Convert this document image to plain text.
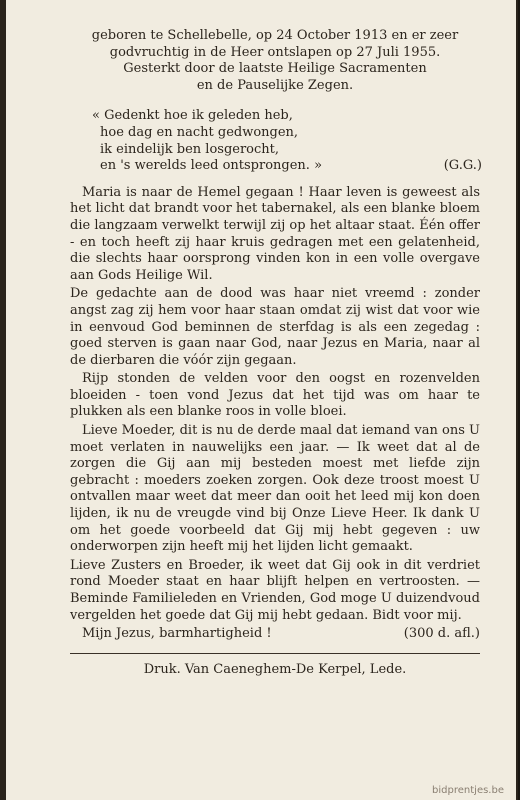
geboren te Schellebelle, op 24 October 1913 en er zeer

godvruchtig in de Heer ontslapen op 27 Juli 1955.

Gesterkt door de laatste Heilige Sacramenten

en de Pauselijke Zegen.

« Gedenkt hoe ik geleden heb,
hoe dag en nacht gedwongen,
ik eindelijk ben losgerocht,
en 's werelds leed ontsprongen. »	(G.G.)

Maria is naar de Hemel gegaan ! Haar leven is geweest als het licht dat brandt voor het tabernakel, als een blanke bloem die langzaam verwelkt terwijl zij op het altaar staat. Één offer - en toch heeft zij haar kruis gedragen met een gelatenheid, die slechts haar oorsprong vinden kon in een volle overgave aan Gods Heilige Wil.

De gedachte aan de dood was haar niet vreemd : zonder angst zag zij hem voor haar staan omdat zij wist dat voor wie in eenvoud God beminnen de sterfdag is als een zegedag : goed sterven is gaan naar God, naar Jezus en Maria, naar al de dierbaren die vóór zijn gegaan.

Rijp stonden de velden voor den oogst en rozenvelden bloeiden - toen vond Jezus dat het tijd was om haar te plukken als een blanke roos in volle bloei.

Lieve Moeder, dit is nu de derde maal dat iemand van ons U moet verlaten in nauwelijks een jaar. — Ik weet dat al de zorgen die Gij aan mij besteden moest met liefde zijn gebracht : moeders zoeken zorgen. Ook deze troost moest U ontvallen maar weet dat meer dan ooit het leed mij kon doen lijden, ik nu de vreugde vind bij Onze Lieve Heer. Ik dank U om het goede voorbeeld dat Gij mij hebt gegeven : uw onderworpen zijn heeft mij het lijden licht gemaakt.

Lieve Zusters en Broeder, ik weet dat Gij ook in dit verdriet rond Moeder staat en haar blijft helpen en vertroosten. — Beminde Familieleden en Vrienden, God moge U duizendvoud vergelden het goede dat Gij mij hebt gedaan. Bidt voor mij.

Mijn Jezus, barmhartigheid !	(300 d. afl.)

Druk. Van Caeneghem-De Kerpel, Lede.

bidprentjes.be
